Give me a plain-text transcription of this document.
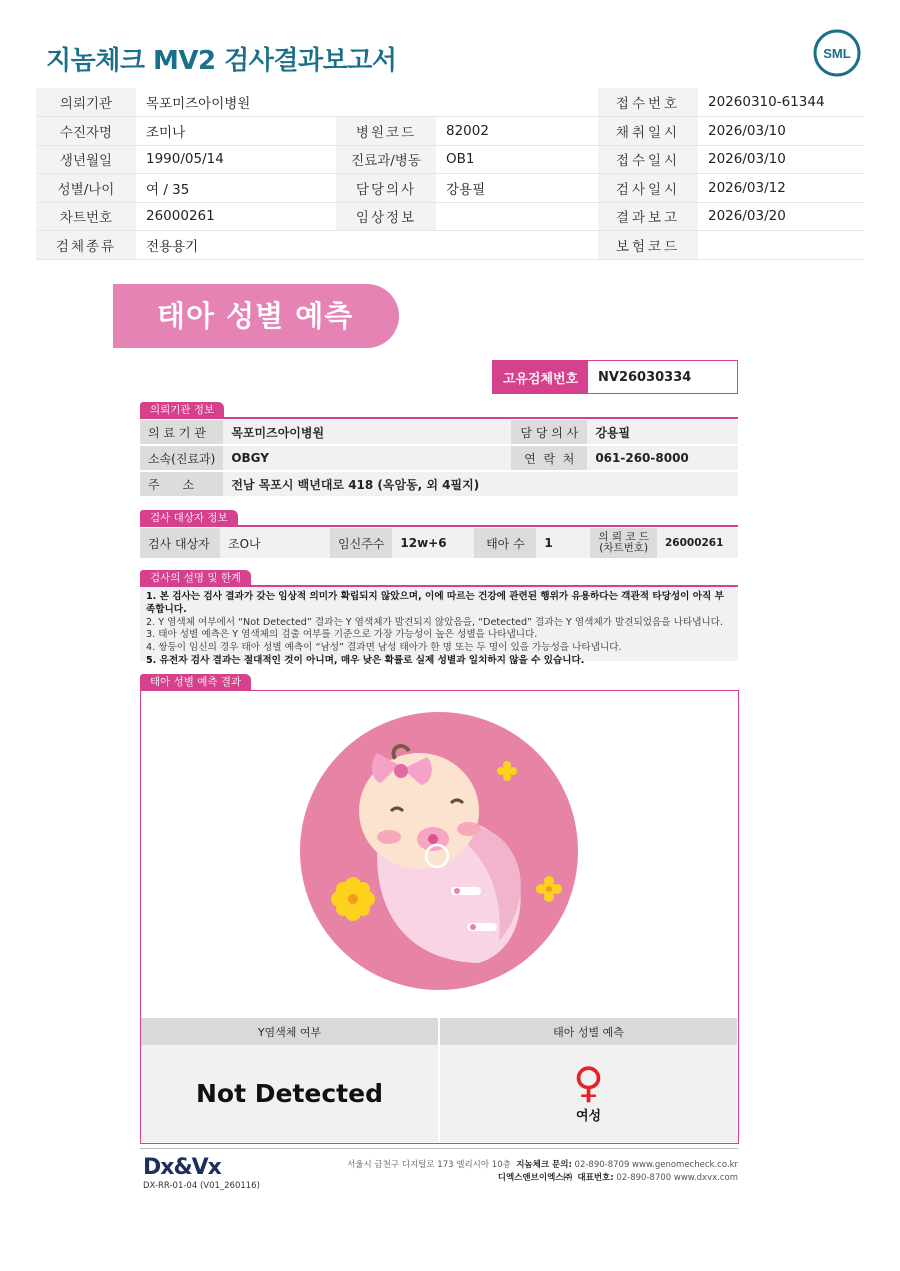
지놈체크 MV2 검사결과보고서	SML
의뢰기관	목포미즈아이병원			접수번호	20260310-61344
수진자명	조미나	병원코드	82002	채취일시	2026/03/10
생년월일	1990/05/14	진료과/병동	OB1	접수일시	2026/03/10
성별/나이	여 / 35	담당의사	강용필	검사일시	2026/03/12
차트번호	26000261	임상정보		결과보고	2026/03/20
검체종류	전용용기			보험코드	
태아 성별 예측
고유검체번호	NV26030334
의뢰기관 정보
의 료 기 관	목포미즈아이병원	담 당 의 사	강용필
소속(진료과)	OBGY	연  락  처	061-260-8000
주      소	전남 목포시 백년대로 418 (옥암동, 외 4필지)		
검사 대상자 정보
검사 대상자	조O나	임신주수	12w+6	태아 수	1	의 뢰 코 드
(차트번호)	26000261
검사의 설명 및 한계
1. 본 검사는 검사 결과가 갖는 임상적 의미가 확립되지 않았으며, 이에 따르는 건강에 관련된 행위가 유용하다는 객관적 타당성이 아직 부족합니다.
2. Y 염색체 여부에서 “Not Detected” 결과는 Y 염색체가 발견되지 않았음을, “Detected” 결과는 Y 염색체가 발견되었음을 나타냅니다.
3. 태아 성별 예측은 Y 염색체의 검출 여부를 기준으로 가장 가능성이 높은 성별을 나타냅니다.
4. 쌍둥이 임신의 경우 태아 성별 예측이 “남성” 결과면 남성 태아가 한 명 또는 두 명이 있을 가능성을 나타냅니다.
5. 유전자 검사 결과는 절대적인 것이 아니며, 매우 낮은 확률로 실제 성별과 일치하지 않을 수 있습니다.
태아 성별 예측 결과
Y염색체 여부	태아 성별 예측
Not Detected	♀
여성
Dx&Vx
DX-RR-01-04 (V01_260116)
서울시 금천구 디지털로 173 엘리시아 10층 지놈체크 문의: 02-890-8709 www.genomecheck.co.kr
디엑스앤브이엑스㈜ 대표번호: 02-890-8700 www.dxvx.com
